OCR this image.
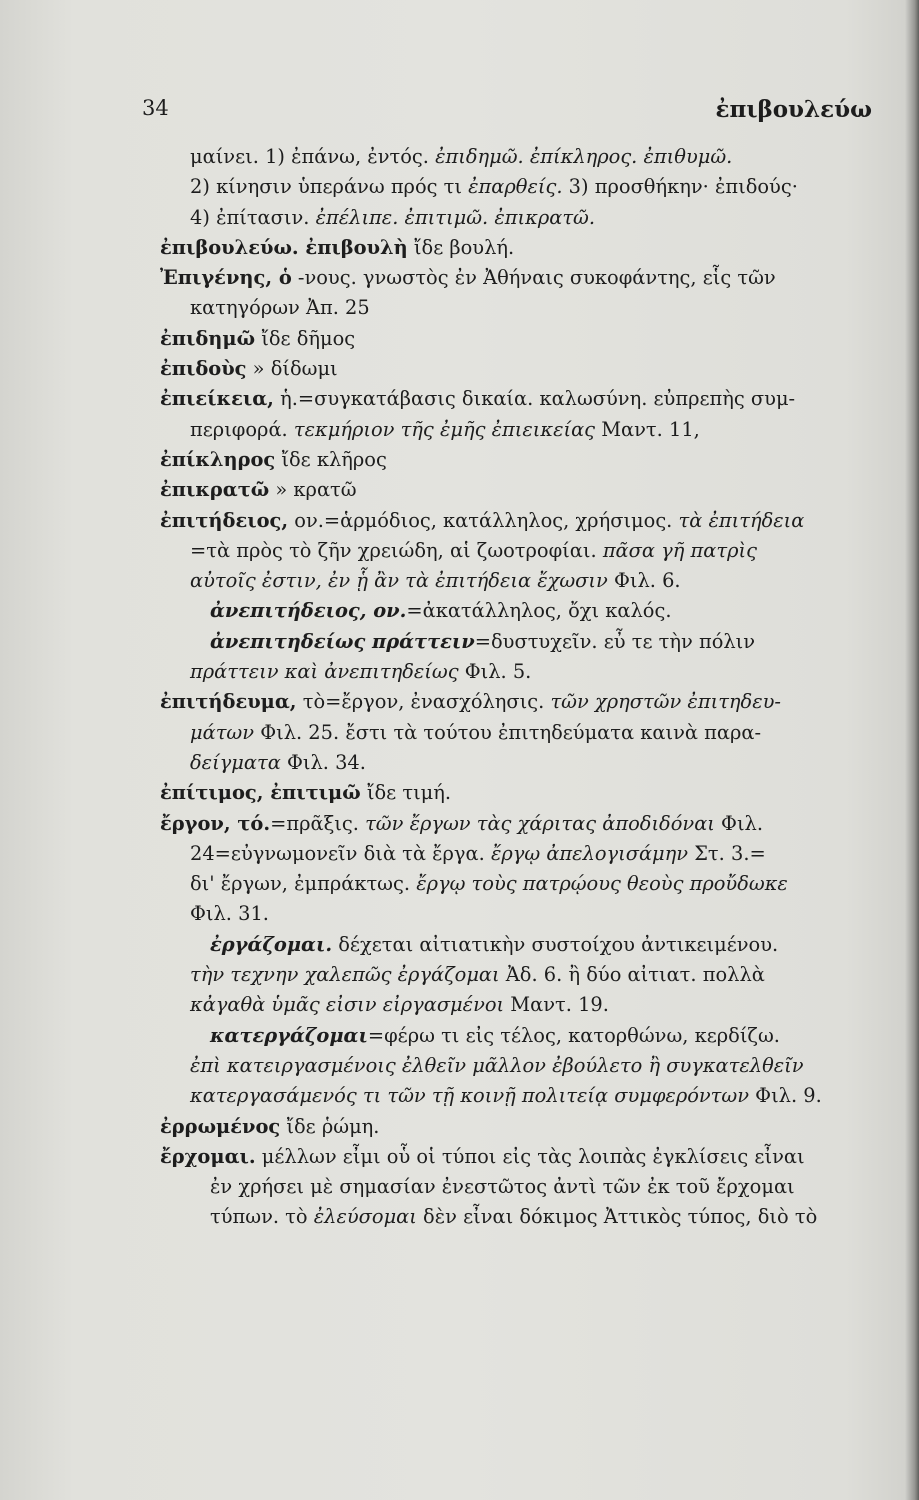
34	ἐπιβουλεύω
μαίνει. 1) ἐπάνω, ἐντός. ἐπιδημῶ. ἐπίκληρος. ἐπιθυμῶ.
2) κίνησιν ὑπεράνω πρός τι ἐπαρθείς. 3) προσθήκην· ἐπιδούς·
4) ἐπίτασιν. ἐπέλιπε. ἐπιτιμῶ. ἐπικρατῶ.
ἐπιβουλεύω. ἐπιβουλὴ ἴδε βουλή.
Ἐπιγένης, ὁ -νους. γνωστὸς ἐν Ἀθήναις συκοφάντης, εἷς τῶν
κατηγόρων Ἀπ. 25
ἐπιδημῶ ἴδε δῆμος
ἐπιδοὺς » δίδωμι
ἐπιείκεια, ἡ.=συγκατάβασις δικαία. καλωσύνη. εὐπρεπὴς συμ-
περιφορά. τεκμήριον τῆς ἐμῆς ἐπιεικείας Μαντ. 11,
ἐπίκληρος ἴδε κλῆρος
ἐπικρατῶ » κρατῶ
ἐπιτήδειος, ον.=ἁρμόδιος, κατάλληλος, χρήσιμος. τὰ ἐπιτήδεια
=τὰ πρὸς τὸ ζῆν χρειώδη, αἱ ζωοτροφίαι. πᾶσα γῆ πατρὶς
αὐτοῖς ἐστιν, ἐν ᾗ ἂν τὰ ἐπιτήδεια ἔχωσιν Φιλ. 6.
ἀνεπιτήδειος, ον.=ἀκατάλληλος, ὄχι καλός.
ἀνεπιτηδείως πράττειν=δυστυχεῖν. εὖ τε τὴν πόλιν
πράττειν καὶ ἀνεπιτηδείως Φιλ. 5.
ἐπιτήδευμα, τὸ=ἔργον, ἐνασχόλησις. τῶν χρηστῶν ἐπιτηδευ-
μάτων Φιλ. 25. ἔστι τὰ τούτου ἐπιτηδεύματα καινὰ παρα-
δείγματα Φιλ. 34.
ἐπίτιμος, ἐπιτιμῶ ἴδε τιμή.
ἔργον, τό.=πρᾶξις. τῶν ἔργων τὰς χάριτας ἀποδιδόναι Φιλ.
24=εὐγνωμονεῖν διὰ τὰ ἔργα. ἔργῳ ἀπελογισάμην Στ. 3.=
δι' ἔργων, ἐμπράκτως. ἔργῳ τοὺς πατρῴους θεοὺς προὔδωκε
Φιλ. 31.
ἐργάζομαι. δέχεται αἰτιατικὴν συστοίχου ἀντικειμένου.
τὴν τεχνην χαλεπῶς ἐργάζομαι Ἀδ. 6. ἢ δύο αἰτιατ. πολλὰ
κἀγαθὰ ὑμᾶς εἰσιν εἰργασμένοι Μαντ. 19.
κατεργάζομαι=φέρω τι εἰς τέλος, κατορθώνω, κερδίζω.
ἐπὶ κατειργασμένοις ἐλθεῖν μᾶλλον ἐβούλετο ἢ συγκατελθεῖν
κατεργασάμενός τι τῶν τῇ κοινῇ πολιτείᾳ συμφερόντων Φιλ. 9.
ἐρρωμένος ἴδε ῥώμη.
ἔρχομαι. μέλλων εἶμι οὗ οἱ τύποι εἰς τὰς λοιπὰς ἐγκλίσεις εἶναι
ἐν χρήσει μὲ σημασίαν ἐνεστῶτος ἀντὶ τῶν ἐκ τοῦ ἔρχομαι
τύπων. τὸ ἐλεύσομαι δὲν εἶναι δόκιμος Ἀττικὸς τύπος, διὸ τὸ
